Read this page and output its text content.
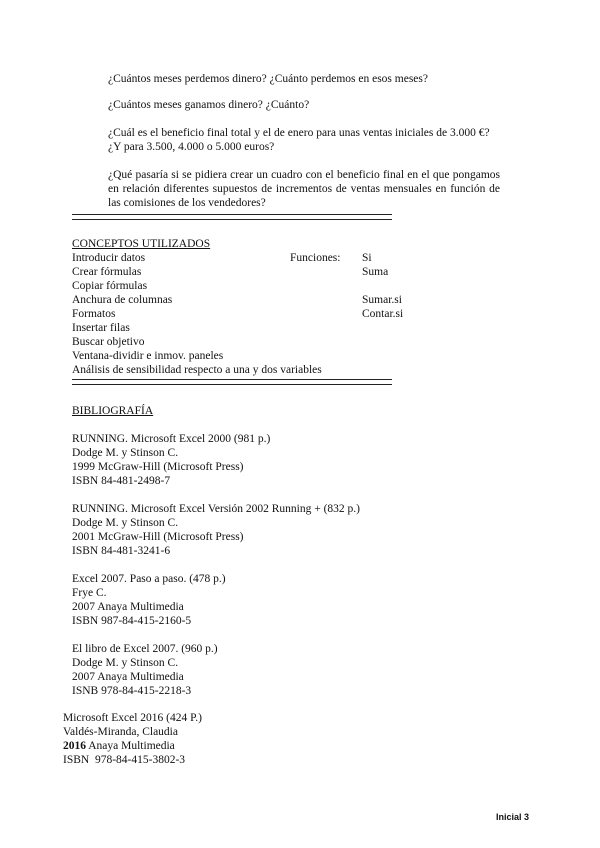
¿Cuántos meses perdemos dinero? ¿Cuánto perdemos en esos meses?
¿Cuántos meses ganamos dinero? ¿Cuánto?
¿Cuál es el beneficio final total y el de enero para unas ventas iniciales de 3.000 €?
¿Y para 3.500, 4.000 o 5.000 euros?
¿Qué pasaría si se pidiera crear un cuadro con el beneficio final en el que pongamos en relación diferentes supuestos de incrementos de ventas mensuales en función de las comisiones de los vendedores?
CONCEPTOS UTILIZADOS
Introducir datos
Crear fórmulas
Copiar fórmulas
Anchura de columnas
Formatos
Insertar filas
Buscar objetivo
Ventana-dividir e inmov. paneles
Análisis de sensibilidad respecto a una y dos variables
Funciones: Si
Suma
Sumar.si
Contar.si
BIBLIOGRAFÍA
RUNNING. Microsoft Excel 2000 (981 p.)
Dodge M. y Stinson C.
1999 McGraw-Hill (Microsoft Press)
ISBN 84-481-2498-7
RUNNING. Microsoft Excel Versión 2002 Running + (832 p.)
Dodge M. y Stinson C.
2001 McGraw-Hill (Microsoft Press)
ISBN 84-481-3241-6
Excel 2007. Paso a paso. (478 p.)
Frye C.
2007 Anaya Multimedia
ISBN 987-84-415-2160-5
El libro de Excel 2007. (960 p.)
Dodge M. y Stinson C.
2007 Anaya Multimedia
ISNB 978-84-415-2218-3
Microsoft Excel 2016 (424 P.)
Valdés-Miranda, Claudia
2016 Anaya Multimedia
ISBN  978-84-415-3802-3
Inicial 3
